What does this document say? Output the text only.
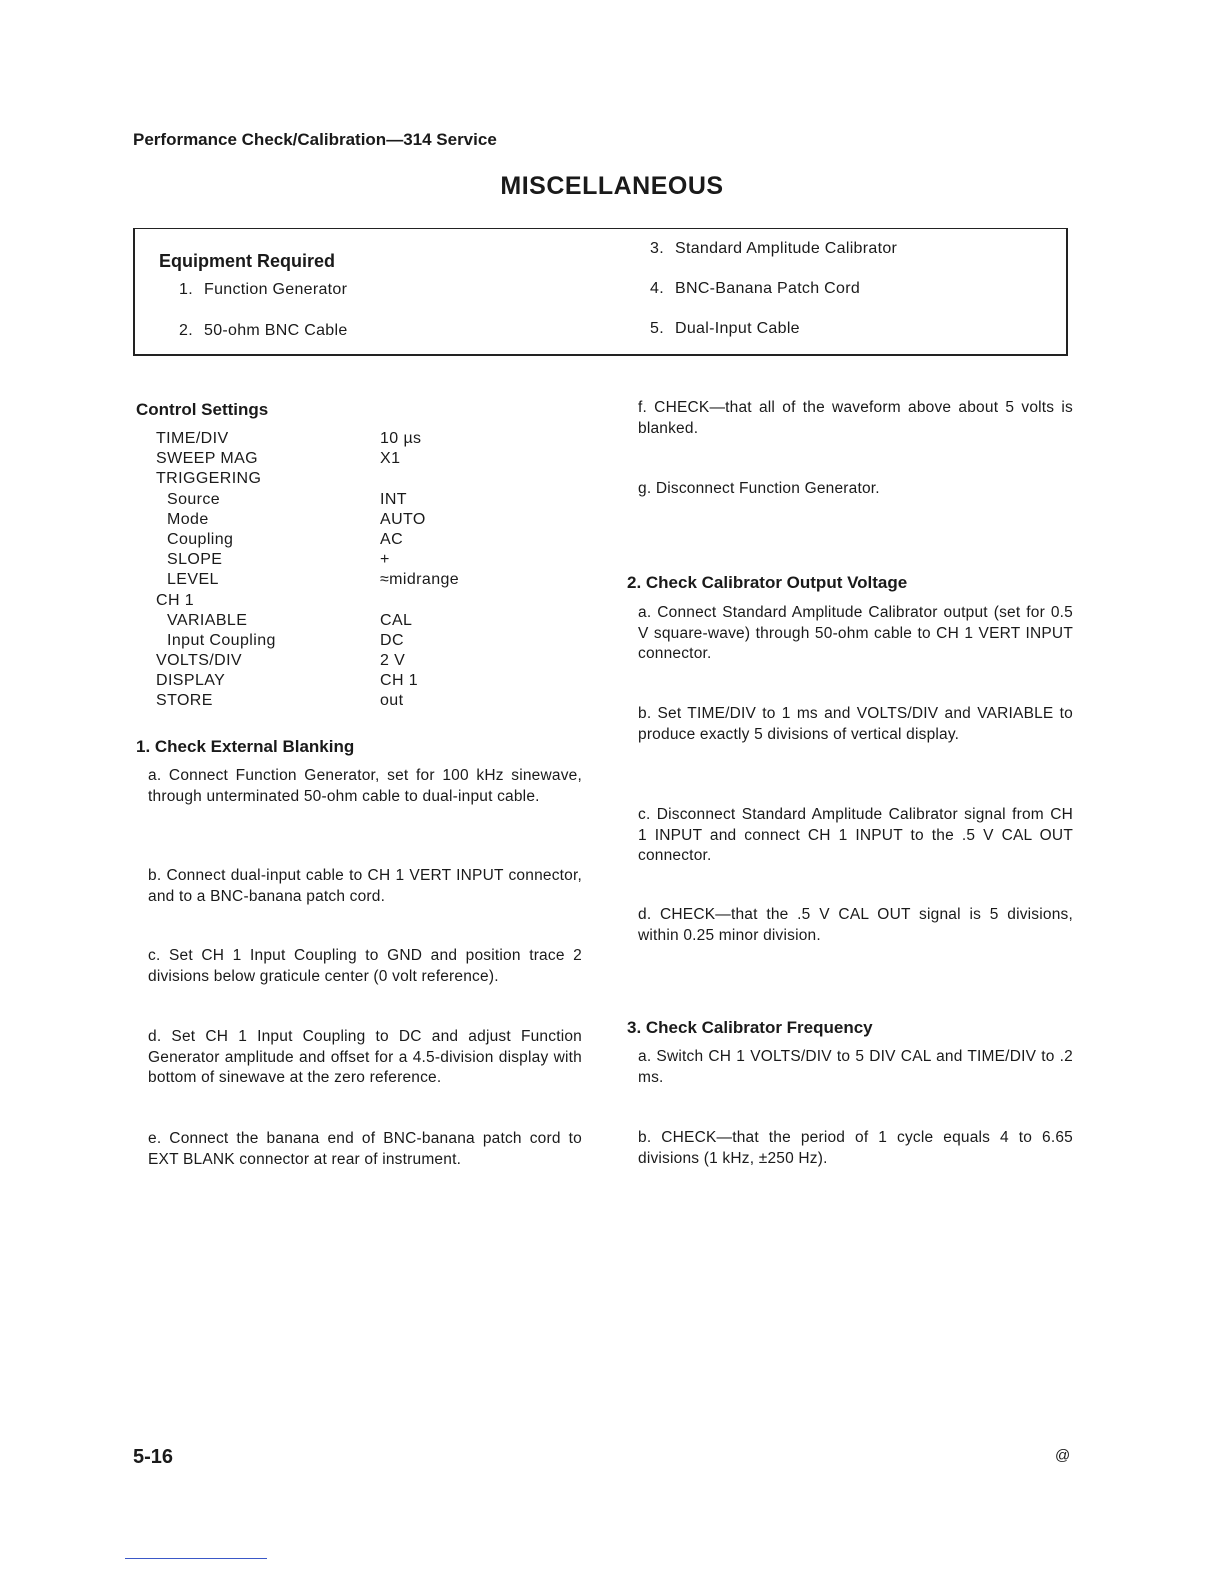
Performance Check/Calibration—314 Service
MISCELLANEOUS
Equipment Required
1. Function Generator
2. 50-ohm BNC Cable
3. Standard Amplitude Calibrator
4. BNC-Banana Patch Cord
5. Dual-Input Cable
Control Settings
TIME/DIV
SWEEP MAG
TRIGGERING
Source
Mode
Coupling
SLOPE
LEVEL
CH 1
VARIABLE
Input Coupling
VOLTS/DIV
DISPLAY
STORE
10 µs
X1
INT
AUTO
AC
+
≈midrange
CAL
DC
2 V
CH 1
out
1. Check External Blanking
a. Connect Function Generator, set for 100 kHz sinewave, through unterminated 50-ohm cable to dual-input cable.
b. Connect dual-input cable to CH 1 VERT INPUT connector, and to a BNC-banana patch cord.
c. Set CH 1 Input Coupling to GND and position trace 2 divisions below graticule center (0 volt reference).
d. Set CH 1 Input Coupling to DC and adjust Function Generator amplitude and offset for a 4.5-division display with bottom of sinewave at the zero reference.
e. Connect the banana end of BNC-banana patch cord to EXT BLANK connector at rear of instrument.
f. CHECK—that all of the waveform above about 5 volts is blanked.
g. Disconnect Function Generator.
2. Check Calibrator Output Voltage
a. Connect Standard Amplitude Calibrator output (set for 0.5 V square-wave) through 50-ohm cable to CH 1 VERT INPUT connector.
b. Set TIME/DIV to 1 ms and VOLTS/DIV and VARIABLE to produce exactly 5 divisions of vertical display.
c. Disconnect Standard Amplitude Calibrator signal from CH 1 INPUT and connect CH 1 INPUT to the .5 V CAL OUT connector.
d. CHECK—that the .5 V CAL OUT signal is 5 divisions, within 0.25 minor division.
3. Check Calibrator Frequency
a. Switch CH 1 VOLTS/DIV to 5 DIV CAL and TIME/DIV to .2 ms.
b. CHECK—that the period of 1 cycle equals 4 to 6.65 divisions (1 kHz, ±250 Hz).
5-16	@
